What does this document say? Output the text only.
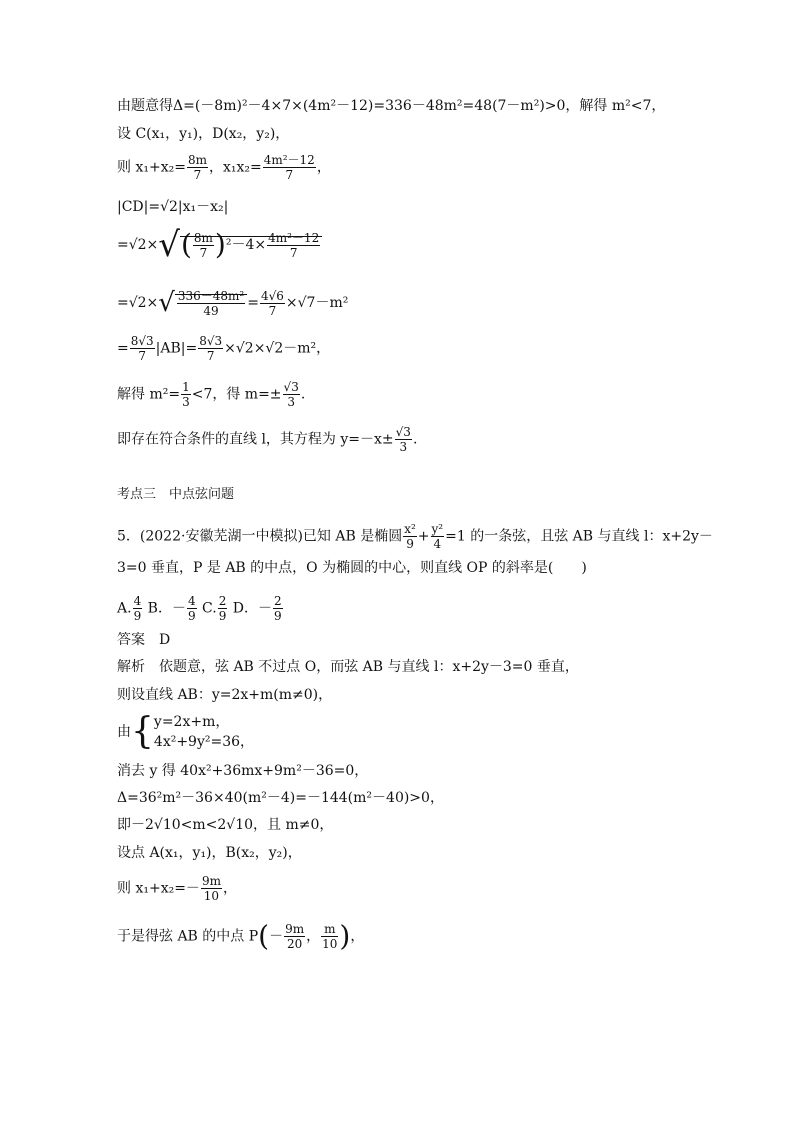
由题意得Δ=(－8m)²－4×7×(4m²－12)=336－48m²=48(7－m²)>0，解得 m²<7，
设 C(x₁，y₁)，D(x₂，y₂)，
则 $x_1+x_2= \frac{8m}{7}$ ，$x_1x_2= \frac{\text{4m²－12}}{7}$ ，
|CD|=√2|x₁－x₂|
$=√2\times√( \frac{8m}{7} )^2-4\times \frac{\text{4m²－12}}{7}$
$=√2\times√ \frac{\text{336－48m²}}{49} = \frac{4√6}{7} \times√7-m^2$
= $\frac{8√3}{7} |AB|= \frac{8√3}{7} \times√2\times√2-m^2$，
解得 $m^2= \frac{1}{3} <7$，得 $m=\pm \frac{√3}{3}$ .
即存在符合条件的直线 l，其方程为 $y=-x\pm \frac{√3}{3}$ .
考点三　中点弦问题
5．(2022·安徽芜湖一中模拟)已知 AB 是椭圆 $\frac{\text{x²}}{9} + \frac{\text{y²}}{4} =1$ 的一条弦，且弦 AB 与直线 l：x+2y－
3=0 垂直，P 是 AB 的中点，O 为椭圆的中心，则直线 OP 的斜率是(　　)
A. $\frac{4}{9}$ B．－ $\frac{4}{9} C$. $\frac{2}{9}$ D．－ $\frac{2}{9}$
答案　D
解析　依题意，弦 AB 不过点 O，而弦 AB 与直线 l：x+2y－3=0 垂直，
则设直线 AB：y=2x+m(m≠0)，
由{ y=2x+m，
4x²+9y²=36，
消去 y 得 40x²+36mx+9m²－36=0，
Δ=36²m²－36×40(m²－4)=－144(m²－40)>0，
即－2√10<m<2√10，且 m≠0，
设点 A(x₁，y₁)，B(x₂，y₂)，
则 $x_1+x_2=- \frac{9m}{10}$ ，
于是得弦 AB 的中点 $P(- \frac{9m}{20}$ ， $\frac{m}{10}$ )，
